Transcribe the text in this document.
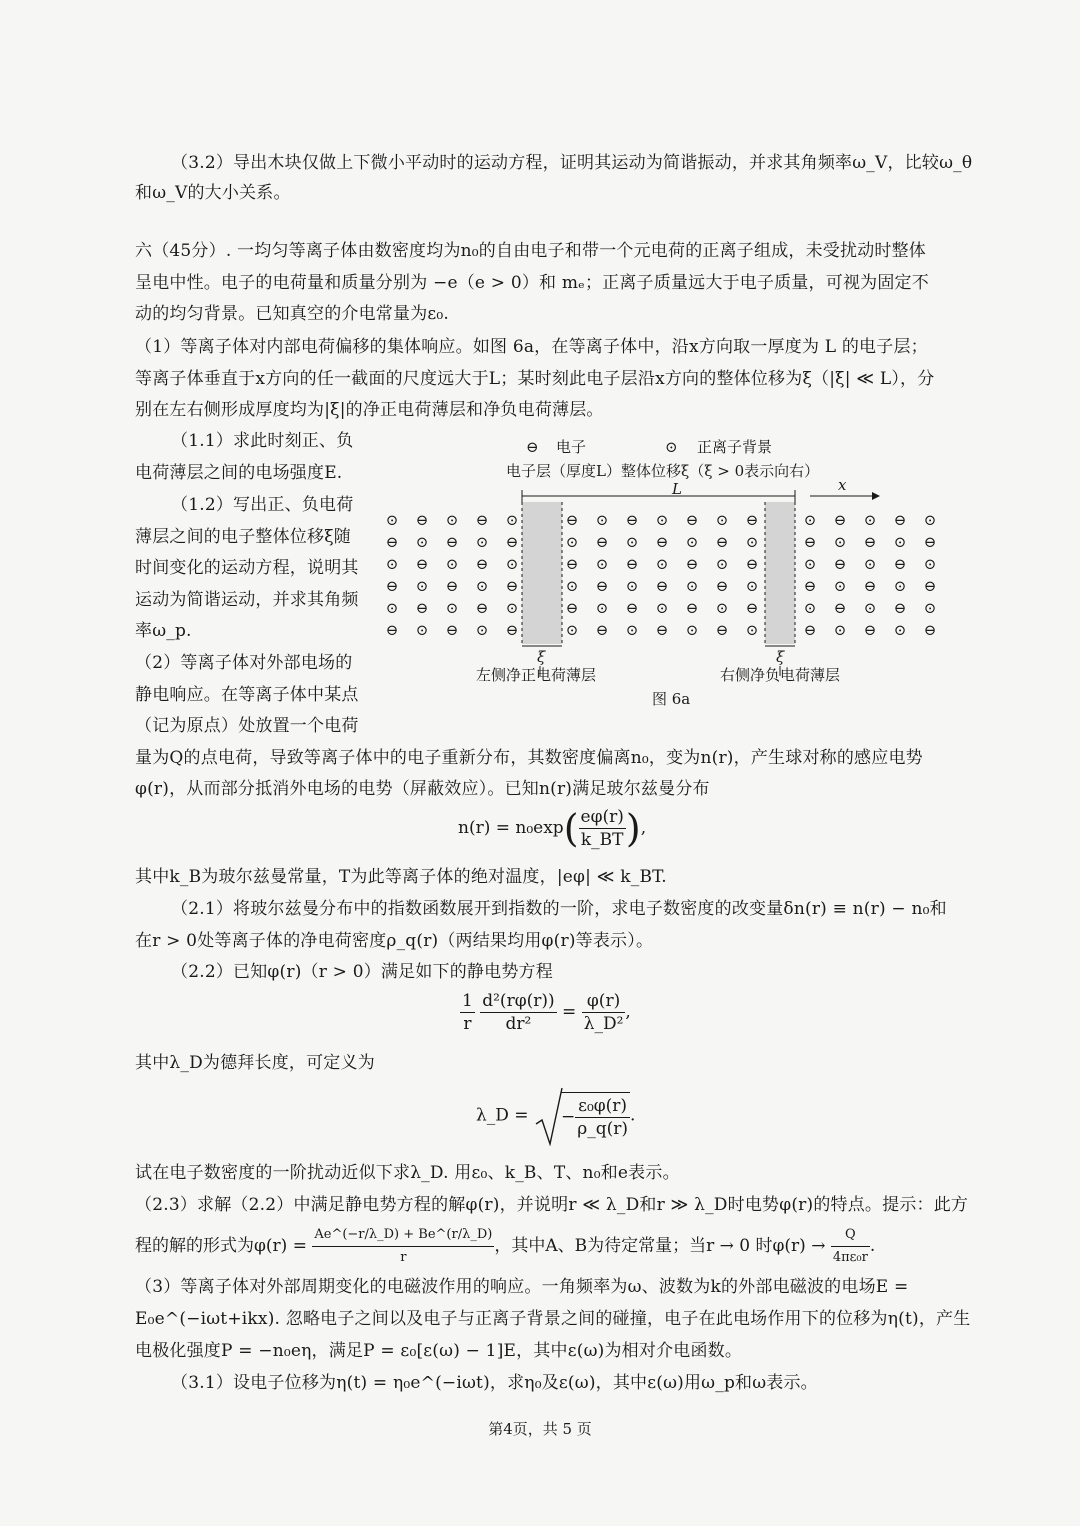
（3.2）导出木块仅做上下微小平动时的运动方程，证明其运动为简谐振动，并求其角频率ω_V，比较ω_θ
和ω_V的大小关系。
六（45分）. 一均匀等离子体由数密度均为n₀的自由电子和带一个元电荷的正离子组成，未受扰动时整体
呈电中性。电子的电荷量和质量分别为 −e（e > 0）和 mₑ；正离子质量远大于电子质量，可视为固定不
动的均匀背景。已知真空的介电常量为ε₀.
（1）等离子体对内部电荷偏移的集体响应。如图 6a，在等离子体中，沿x方向取一厚度为 L 的电子层；
等离子体垂直于x方向的任一截面的尺度远大于L；某时刻此电子层沿x方向的整体位移为ξ（|ξ| ≪ L），分
别在左右侧形成厚度均为|ξ|的净正电荷薄层和净负电荷薄层。
（1.1）求此时刻正、负
电荷薄层之间的电场强度E.
（1.2）写出正、负电荷
薄层之间的电子整体位移ξ随
时间变化的运动方程，说明其
运动为简谐运动，并求其角频
率ω_p.
（2）等离子体对外部电场的
静电响应。在等离子体中某点
（记为原点）处放置一个电荷
量为Q的点电荷，导致等离子体中的电子重新分布，其数密度偏离n₀，变为n(r)，产生球对称的感应电势
φ(r)，从而部分抵消外电场的电势（屏蔽效应）。已知n(r)满足玻尔兹曼分布
$n(r) = n_0\exp( \frac{e\varphi(r)}{k\_BT}$ ),
其中k_B为玻尔兹曼常量，T为此等离子体的绝对温度，|eφ| ≪ k_BT.
（2.1）将玻尔兹曼分布中的指数函数展开到指数的一阶，求电子数密度的改变量δn(r) ≡ n(r) − n₀和
在r > 0处等离子体的净电荷密度ρ_q(r)（两结果均用φ(r)等表示）。
（2.2）已知φ(r)（r > 0）满足如下的静电势方程
$\frac{1}{r}$
$\frac{\text{d²(rφ(r))}}{\text{dr²}} = \frac{\varphi(r)}{\text{λ\_D²}}$ ,
其中λ_D为德拜长度，可定义为
λ_D = − $\frac{\text{ε₀φ(r)}}{\rho\_q(r)}$ .
试在电子数密度的一阶扰动近似下求λ_D. 用ε₀、k_B、T、n₀和e表示。
（2.3）求解（2.2）中满足静电势方程的解φ(r)，并说明r ≪ λ_D和r ≫ λ_D时电势φ(r)的特点。提示：此方
程的解的形式为$\varphi(r) = \frac{Ae\^{}(-r/\lambda\_D) + Be\^{}(r/\lambda\_D)}{r}$ ，其中A、B为待定常量；当r → 0 时$\varphi(r) \to \frac{Q}{\text{4πε₀r}}$ .
（3）等离子体对外部周期变化的电磁波作用的响应。一角频率为ω、波数为k的外部电磁波的电场E =
E₀e^(−iωt+ikx). 忽略电子之间以及电子与正离子背景之间的碰撞，电子在此电场作用下的位移为η(t)，产生
电极化强度P = −n₀eη，满足P = ε₀[ε(ω) − 1]E，其中ε(ω)为相对介电函数。
（3.1）设电子位移为η(t) = η₀e^(−iωt)，求η₀及ε(ω)，其中ε(ω)用ω_p和ω表示。
⊙
⊖
⊙
⊖
⊙
⊖
⊖
⊙
⊖
⊙
⊖
⊙
⊙
⊖
⊙
⊖
⊙
⊖
⊖
⊙
⊖
⊙
⊖
⊙
⊙
⊖
⊙
⊖
⊙
⊖
⊖
⊙
⊖
⊙
⊖
⊙
⊙
⊖
⊙
⊖
⊙
⊖
⊖
⊙
⊖
⊙
⊖
⊙
⊙
⊖
⊙
⊖
⊙
⊖
⊖
⊙
⊖
⊙
⊖
⊙
⊙
⊖
⊙
⊖
⊙
⊖
⊖
⊙
⊖
⊙
⊖
⊙
⊙
⊖
⊙
⊖
⊙
⊖
⊖
⊙
⊖
⊙
⊖
⊙
⊙
⊖
⊙
⊖
⊙
⊖
⊖
⊙
⊖
⊙
⊖
⊙
⊙
⊖
⊙
⊖
⊙
⊖
⊖ 电子	⊙ 正离子背景
电子层（厚度L）整体位移ξ（ξ > 0表示向右）
L	x
ξ	ξ
左侧净正电荷薄层	右侧净负电荷薄层
图 6a
第4页，共 5 页
